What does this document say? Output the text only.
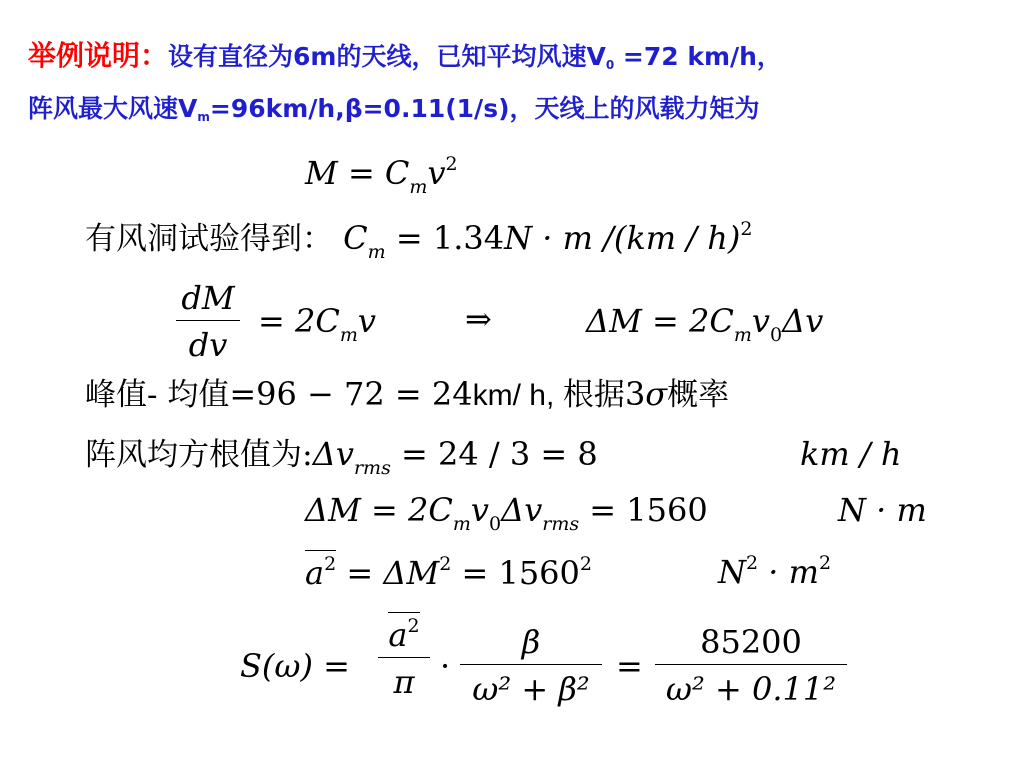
举例说明：设有直径为6m的天线，已知平均风速$V_0 =72$ km/h，
阵风最大风速$V_m=96km/h,\beta=0.11(1/s)$，天线上的风载力矩为
$M = C_mv^2$
有风洞试验得到： $C_m = 1.34N \cdot m$ /(km / h)$^2$
dM
dv
= $2C_mv$	⇒	$\Delta M = 2C_mv_0\Delta v$
峰值- 均值=96 − 72 = 24km/ h, 根据3σ概率
阵风均方根值为$:\Delta v_{rms} = 24 / 3 = 8$	km / h
$\Delta M = 2C_mv_0\Delta v_{rms} = 1560$	N · m
$a^2 = \Delta M^2 = 1560^2$	$N^2 \cdot m^2$
S(ω) =
$a^2$
π ·
β
ω² + β²
=
85200
ω² + 0.11²
